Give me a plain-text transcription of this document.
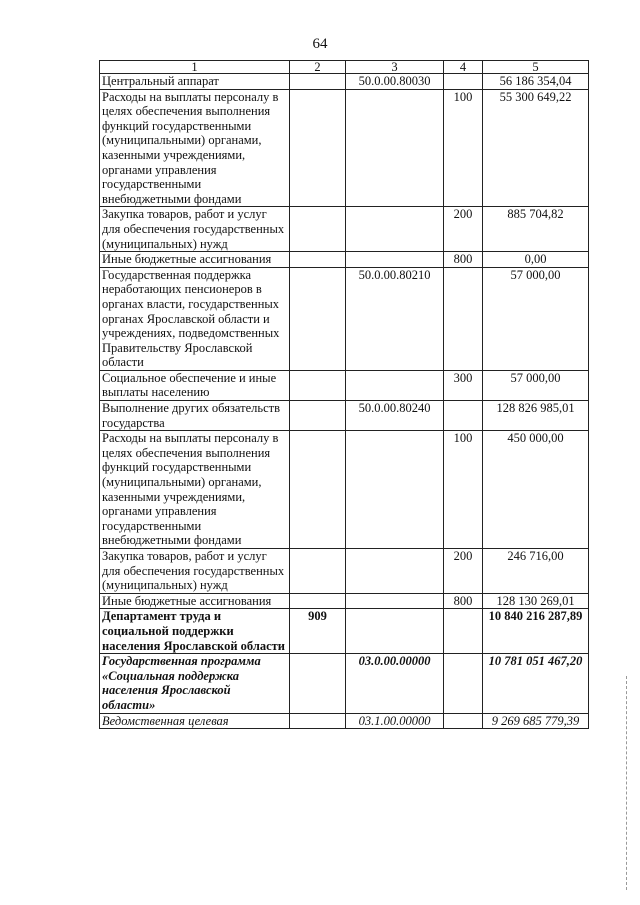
64
1	2	3	4	5
Центральный аппарат		50.0.00.80030		56 186 354,04
Расходы на выплаты персоналу в целях обеспечения выполнения функций государственными (муниципальными) органами, казенными учреждениями, органами управления государственными внебюджетными фондами			100	55 300 649,22
Закупка товаров, работ и услуг для обеспечения государственных (муниципальных) нужд			200	885 704,82
Иные бюджетные ассигнования			800	0,00
Государственная поддержка неработающих пенсионеров в органах власти, государственных органах Ярославской области и учреждениях, подведомственных Правительству Ярославской области		50.0.00.80210		57 000,00
Социальное обеспечение и иные выплаты населению			300	57 000,00
Выполнение других обязательств государства		50.0.00.80240		128 826 985,01
Расходы на выплаты персоналу в целях обеспечения выполнения функций государственными (муниципальными) органами, казенными учреждениями, органами управления государственными внебюджетными фондами			100	450 000,00
Закупка товаров, работ и услуг для обеспечения государственных (муниципальных) нужд			200	246 716,00
Иные бюджетные ассигнования			800	128 130 269,01
Департамент труда и социальной поддержки населения Ярославской области	909			10 840 216 287,89
Государственная программа «Социальная поддержка населения Ярославской области»		03.0.00.00000		10 781 051 467,20
Ведомственная целевая		03.1.00.00000		9 269 685 779,39
